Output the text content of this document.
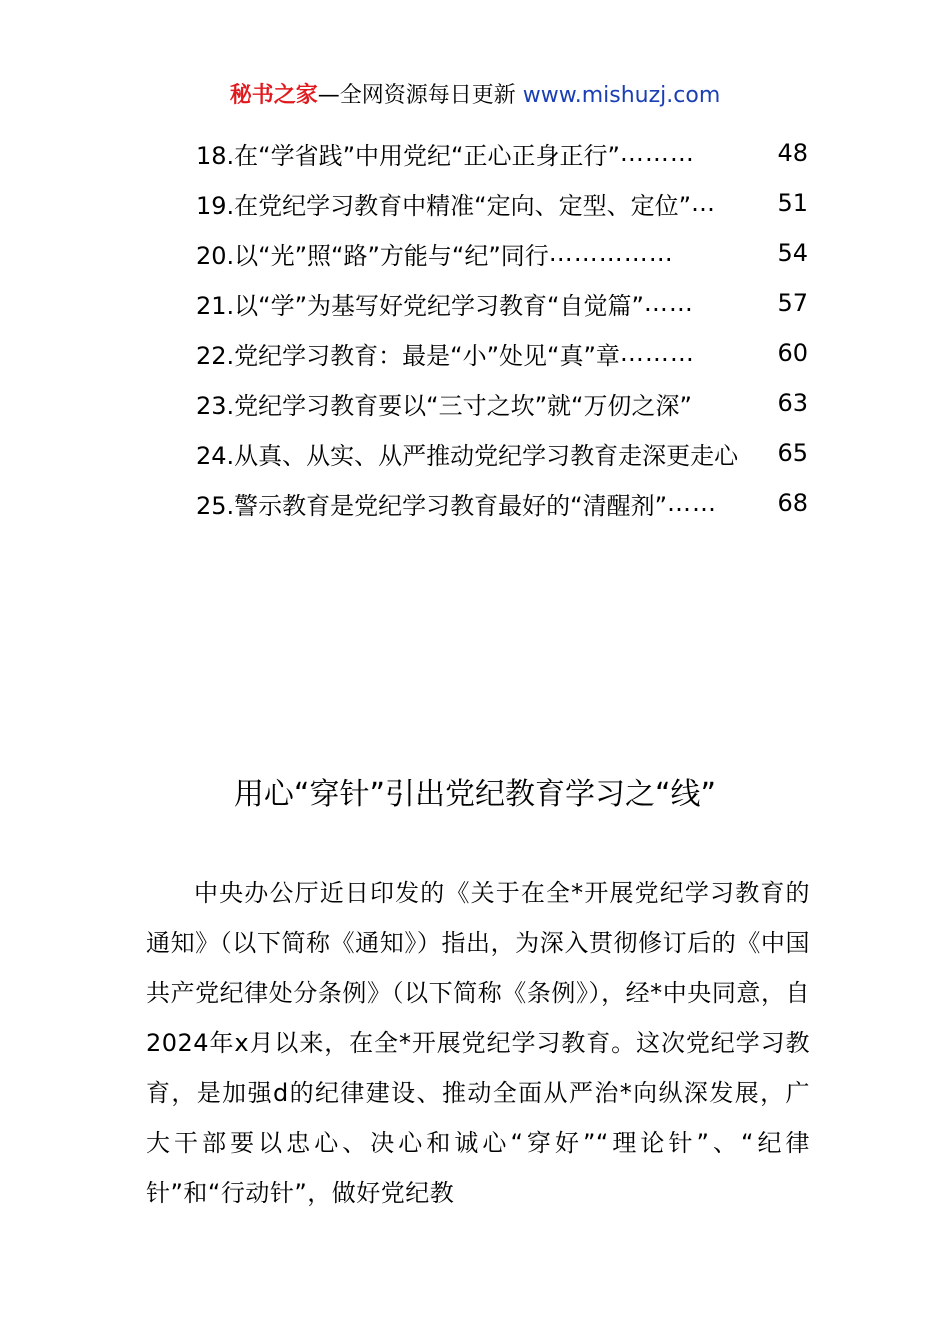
秘书之家—全网资源每日更新 www.mishuzj.com
18.在“学省践”中用党纪“正心正身正行” ………	48
19.在党纪学习教育中精准“定向、定型、定位” …	51
20.以“光”照“路”方能与“纪”同行 ……………	54
21.以“学”为基写好党纪学习教育“自觉篇” ……	57
22.党纪学习教育：最是“小”处见“真”章 ………	60
23.党纪学习教育要以“三寸之坎”就“万仞之深”	63
24.从真、从实、从严推动党纪学习教育走深更走心 65
25.警示教育是党纪学习教育最好的“清醒剂” ……	68
用心“穿针”引出党纪教育学习之“线”

中央办公厅近日印发的《关于在全*开展党纪学习教育的通知》（以下简称《通知》）指出，为深入贯彻修订后的《中国共产党纪律处分条例》（以下简称《条例》），经*中央同意，自2024年x月以来，在全*开展党纪学习教育。这次党纪学习教育，是加强d的纪律建设、推动全面从严治*向纵深发展，广大干部要以忠心、决心和诚心“穿好”“理论针”、“纪律针”和“行动针”，做好党纪教
